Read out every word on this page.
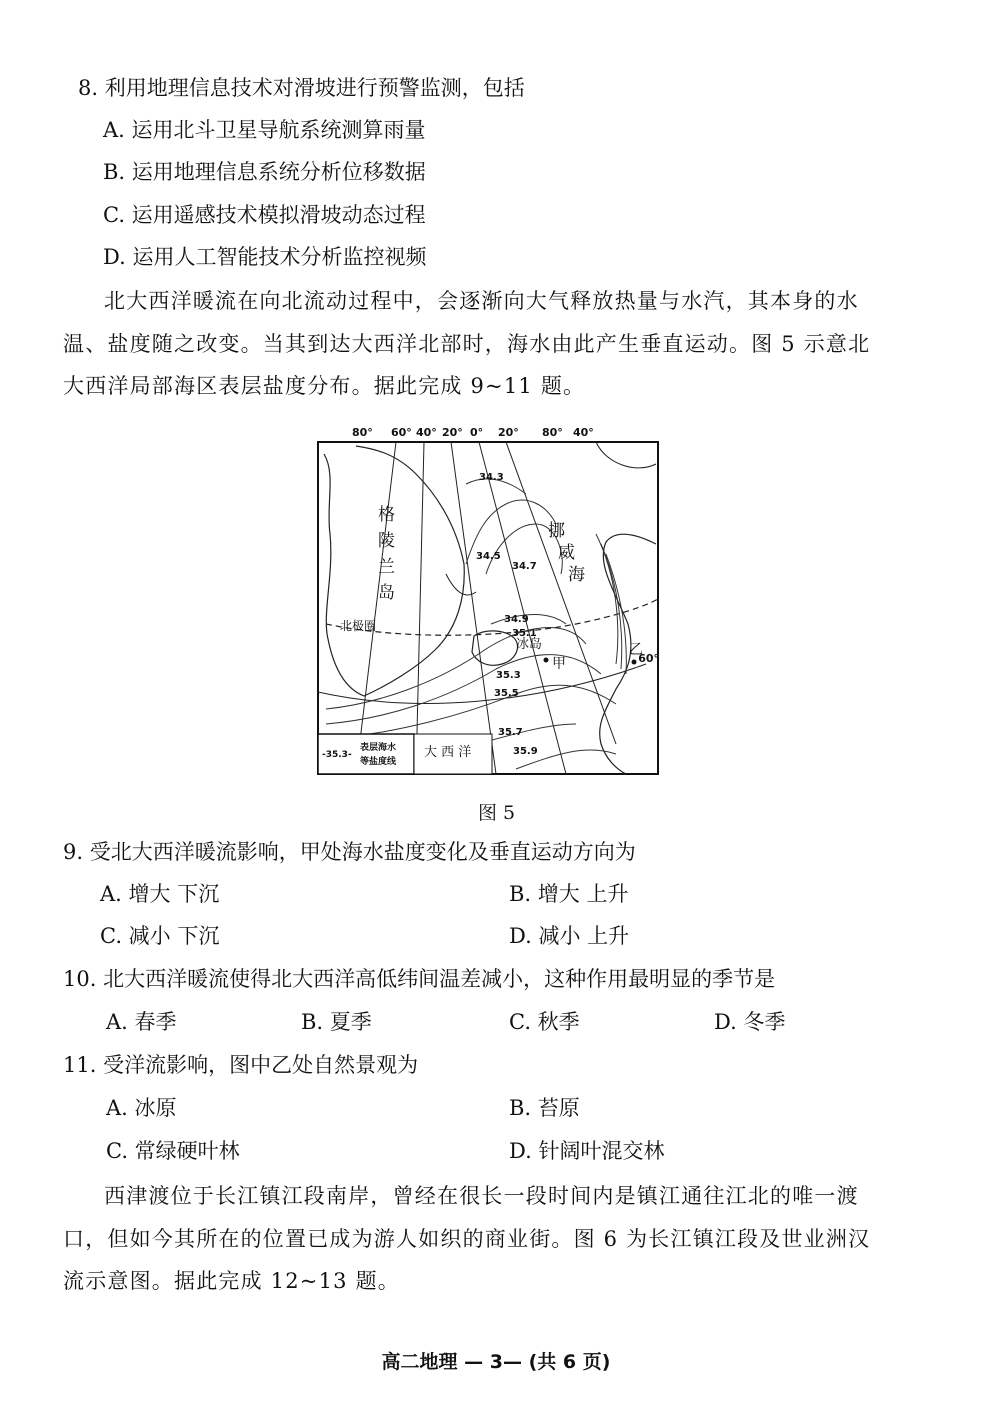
8. 利用地理信息技术对滑坡进行预警监测，包括
A. 运用北斗卫星导航系统测算雨量
B. 运用地理信息系统分析位移数据
C. 运用遥感技术模拟滑坡动态过程
D. 运用人工智能技术分析监控视频
北大西洋暖流在向北流动过程中，会逐渐向大气释放热量与水汽，其本身的水
温、盐度随之改变。当其到达大西洋北部时，海水由此产生垂直运动。图 5 示意北
大西洋局部海区表层盐度分布。据此完成 9~11 题。
80° 60° 40° 20° 0° 20° 80° 40°
34.3
34.5
34.7
34.9
35.1
35.3
35.5
35.7
35.9
格
陵
兰
岛
挪
威
海
北极圈
冰岛
甲
乙
60°
-35.3-
表层海水
等盐度线
大 西 洋
图 5
9. 受北大西洋暖流影响，甲处海水盐度变化及垂直运动方向为
A. 增大 下沉	B. 增大 上升
C. 减小 下沉	D. 减小 上升
10. 北大西洋暖流使得北大西洋高低纬间温差减小，这种作用最明显的季节是
A. 春季	B. 夏季	C. 秋季	D. 冬季
11. 受洋流影响，图中乙处自然景观为
A. 冰原	B. 苔原
C. 常绿硬叶林	D. 针阔叶混交林
西津渡位于长江镇江段南岸，曾经在很长一段时间内是镇江通往江北的唯一渡
口，但如今其所在的位置已成为游人如织的商业街。图 6 为长江镇江段及世业洲汉
流示意图。据此完成 12~13 题。
高二地理 — 3— (共 6 页)
